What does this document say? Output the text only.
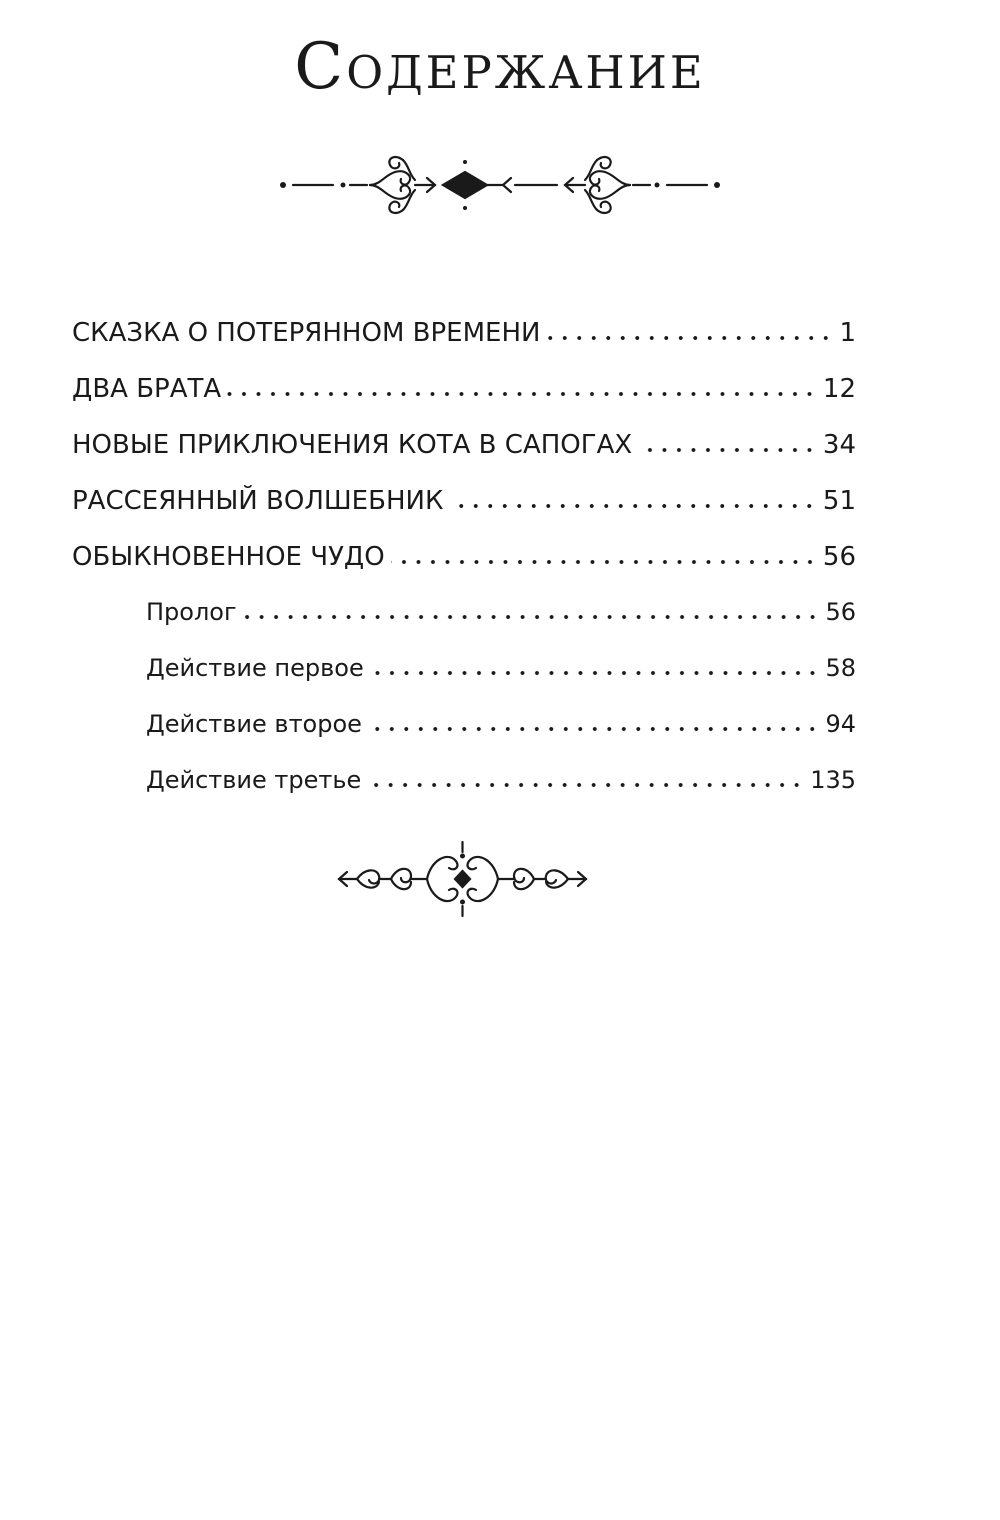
Содержание
СКАЗКА О ПОТЕРЯННОМ ВРЕМЕНИ	1
ДВА БРАТА	12
НОВЫЕ ПРИКЛЮЧЕНИЯ КОТА В САПОГАХ	34
РАССЕЯННЫЙ ВОЛШЕБНИК	51
ОБЫКНОВЕННОЕ ЧУДО	56
Пролог	56
Действие первое	58
Действие второе	94
Действие третье	135
